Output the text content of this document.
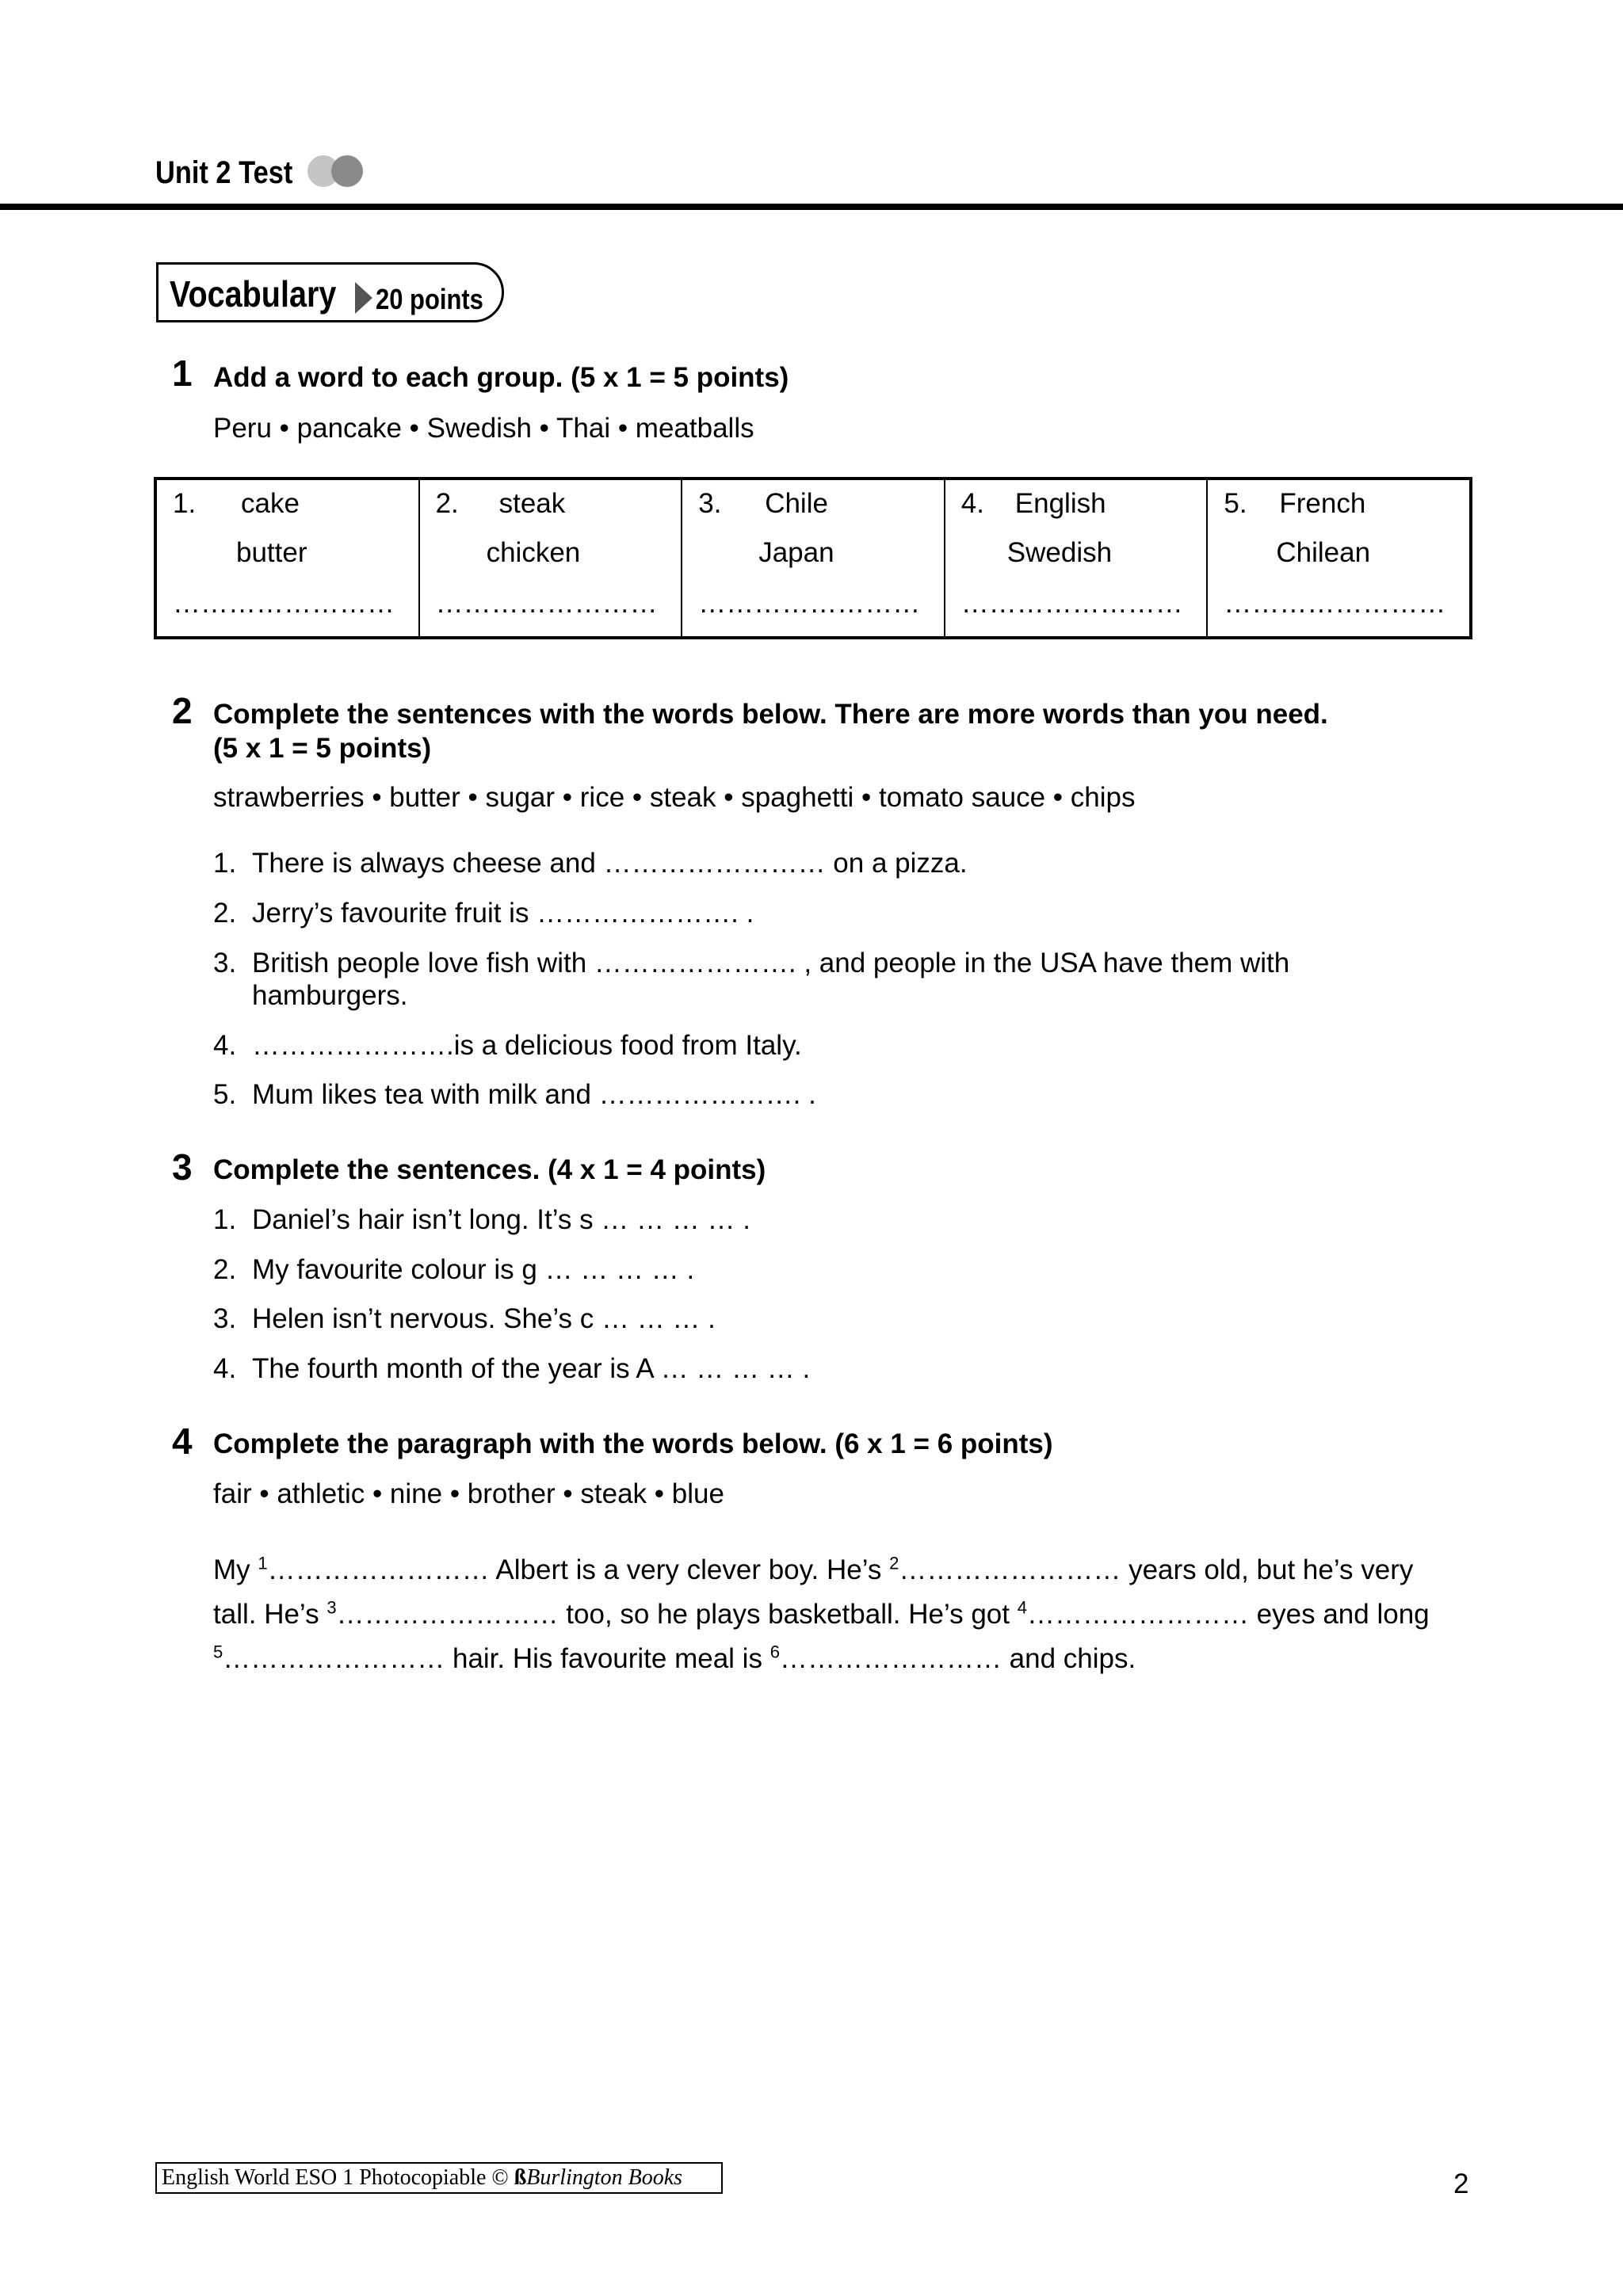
Unit 2 Test
Vocabulary 20 points
1 Add a word to each group. (5 x 1 = 5 points)
Peru • pancake • Swedish • Thai • meatballs
1. cake
butter
……………………
2. steak
chicken
……………………
3. Chile
Japan
……………………
4. English
Swedish
……………………
5. French
Chilean
……………………
2 Complete the sentences with the words below. There are more words than you need.
(5 x 1 = 5 points)
strawberries • butter • sugar • rice • steak • spaghetti • tomato sauce • chips
1. There is always cheese and …………………… on a pizza.
2. Jerry’s favourite fruit is …………………. .
3. British people love fish with …………………. , and people in the USA have them with
hamburgers.
4. ………………….is a delicious food from Italy.
5. Mum likes tea with milk and …………………. .
3 Complete the sentences. (4 x 1 = 4 points)
1. Daniel’s hair isn’t long. It’s s … … … … .
2. My favourite colour is g … … … … .
3. Helen isn’t nervous. She’s c … … … .
4. The fourth month of the year is A … … … … .
4 Complete the paragraph with the words below. (6 x 1 = 6 points)
fair • athletic • nine • brother • steak • blue
My $^1$…………………… Albert is a very clever boy. He’s $^2$…………………… years old, but he’s very
tall. He’s $^3$…………………… too, so he plays basketball. He’s got $^4$…………………… eyes and long
$^5$…………………… hair. His favourite meal is $^6$…………………… and chips.
English World ESO 1 Photocopiable © ßBurlington Books	2
